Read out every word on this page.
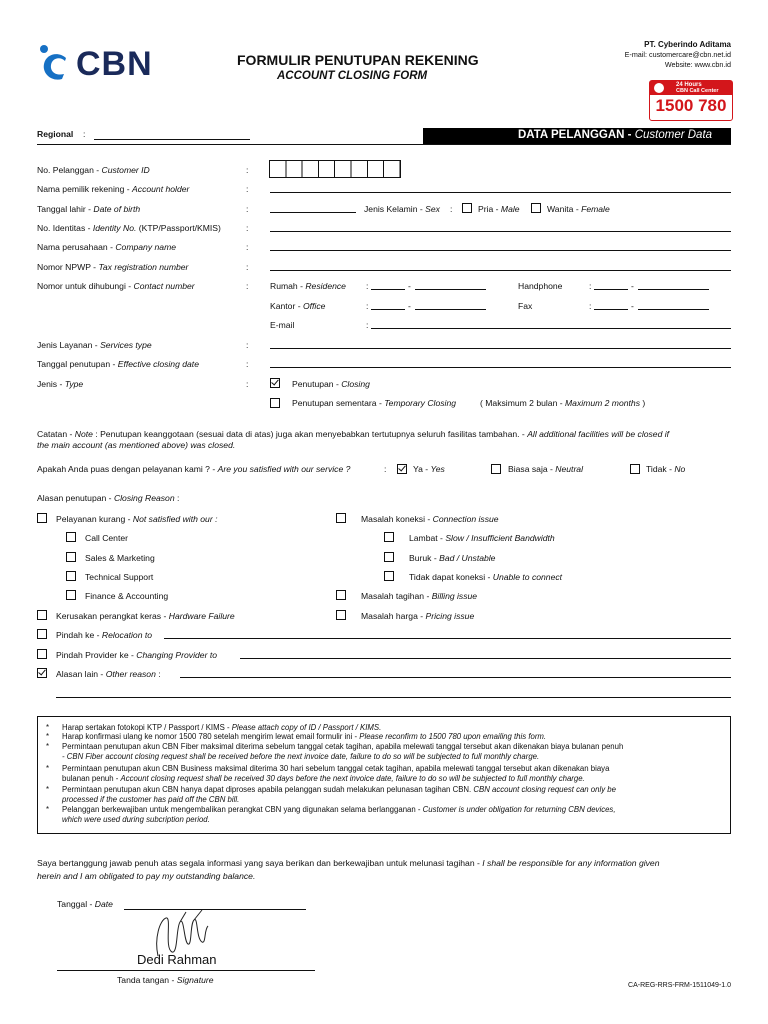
CBN	FORMULIR PENUTUPAN REKENING
ACCOUNT CLOSING FORM
PT. Cyberindo Aditama
E-mail: customercare@cbn.net.id
Website: www.cbn.id
24 Hours
CBN Call Center
1500 780
Regional :	DATA PELANGGAN - Customer Data
No. Pelanggan - Customer ID	:
Nama pemilik rekening - Account holder	:
Tanggal lahir - Date of birth	:	Jenis Kelamin - Sex :	Pria - Male	Wanita - Female
No. Identitas - Identity No. (KTP/Passport/KMIS)	:
Nama perusahaan - Company name	:
Nomor NPWP - Tax registration number	:
Nomor untuk dihubungi - Contact number	:	Rumah - Residence :	-	Handphone	:	-
Kantor - Office	:	-	Fax	:	-
E-mail	:
Jenis Layanan - Services type	:
Tanggal penutupan - Effective closing date	:
Jenis - Type	:	Penutupan - Closing
Penutupan sementara - Temporary Closing	( Maksimum 2 bulan - Maximum 2 months )
Catatan - Note : Penutupan keanggotaan (sesuai data di atas) juga akan menyebabkan tertutupnya seluruh fasilitas tambahan. - All additional facilities will be closed if
the main account (as mentioned above) was closed.
Apakah Anda puas dengan pelayanan kami ? - Are you satisfied with our service ?	:	Ya - Yes	Biasa saja - Neutral	Tidak - No
Alasan penutupan - Closing Reason :
Pelayanan kurang - Not satisfied with our :
Call Center
Sales & Marketing
Technical Support
Finance & Accounting
Masalah koneksi - Connection issue
Lambat - Slow / Insufficient Bandwidth
Buruk - Bad / Unstable
Tidak dapat koneksi - Unable to connect
Masalah tagihan - Billing issue
Kerusakan perangkat keras - Hardware Failure	Masalah harga - Pricing issue
Pindah ke - Relocation to
Pindah Provider ke - Changing Provider to
Alasan lain - Other reason :
* Harap sertakan fotokopi KTP / Passport / KIMS - Please attach copy of ID / Passport / KIMS.
* Harap konfirmasi ulang ke nomor 1500 780 setelah mengirim lewat email formulir ini - Please reconfirm to 1500 780 upon emailing this form.
* Permintaan penutupan akun CBN Fiber maksimal diterima sebelum tanggal cetak tagihan, apabila melewati tanggal tersebut akan dikenakan biaya bulanan penuh
- CBN Fiber account closing request shall be received before the next invoice date, failure to do so will be subjected to full monthly charge.
* Permintaan penutupan akun CBN Business maksimal diterima 30 hari sebelum tanggal cetak tagihan, apabila melewati tanggal tersebut akan dikenakan biaya
bulanan penuh - Account closing request shall be received 30 days before the next invoice date, failure to do so will be subjected to full monthly charge.
* Permintaan penutupan akun CBN hanya dapat diproses apabila pelanggan sudah melakukan pelunasan tagihan CBN. CBN account closing request can only be
processed if the customer has paid off the CBN bill.
* Pelanggan berkewajiban untuk mengembalikan perangkat CBN yang digunakan selama berlangganan - Customer is under obligation for returning CBN devices,
which were used during subcription period.
Saya bertanggung jawab penuh atas segala informasi yang saya berikan dan berkewajiban untuk melunasi tagihan - I shall be responsible for any information given
herein and I am obligated to pay my outstanding balance.
Tanggal - Date
Dedi Rahman
Tanda tangan - Signature
CA-REG-RRS-FRM-1511049-1.0
